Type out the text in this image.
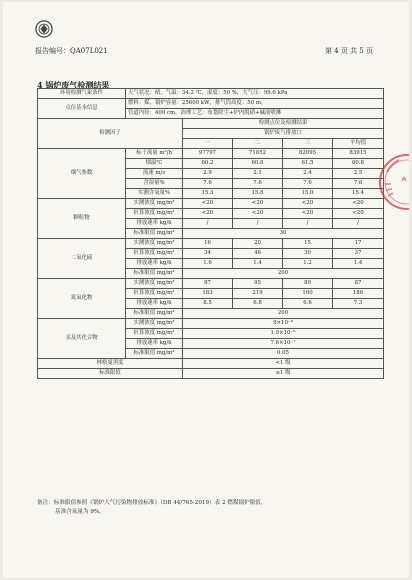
报告编号：QA07L021	第 4 页 共 5 页
4 锅炉废气检测结果
环境检测气象条件	天气状况：晴，气温：34.2 ℃，湿度：50 %，大气压：99.6 kPa				
点位基本信息	燃料：煤，锅炉容量：25600 kW，排气筒高度：50 m，				
	管道内径：400 cm，治理工艺：布袋除尘+炉内脱硝+碱液喷淋				
检测因子		检测点位及检测结果			
		锅炉废气排放口			
		一	二	三	平均值
烟气参数	标干流量 m³/h	97797	71852	82095	83915
	烟温℃	60.2	60.8	61.5	60.8
	流速 m/s	2.9	2.1	2.4	2.5
	含湿量%	7.6	7.6	7.6	7.6
	实测含氧量%	15.3	15.8	15.0	15.4
颗粒物	实测浓度 mg/m³	<20	<20	<20	<20
	折算浓度 mg/m³	<20	<20	<20	<20
	排放速率 kg/h	/	/	/	/
	标准限值 mg/m³	30			
二氧化硫	实测浓度 mg/m³	16	20	15	17
	折算浓度 mg/m³	34	46	30	37
	排放速率 kg/h	1.6	1.4	1.2	1.4
	标准限值 mg/m³	200			
氮氧化物	实测浓度 mg/m³	87	95	80	87
	折算浓度 mg/m³	183	219	160	186
	排放速率 kg/h	8.5	6.8	6.6	7.3
	标准限值 mg/m³	200			
汞及其化合物	实测浓度 mg/m³	9×10⁻⁸			
	折算浓度 mg/m³	1.9×10⁻⁵			
	排放速率 kg/h	7.6×10⁻⁷			
	标准限值 mg/m³	0.05			
林格曼黑度		<1 级			
标准限值		≤1 级			
备注：标准限值参照《锅炉大气污染物排放标准》（DB 44/765-2019）表 2 燃煤锅炉限值，
基准含氧量为 9%。
